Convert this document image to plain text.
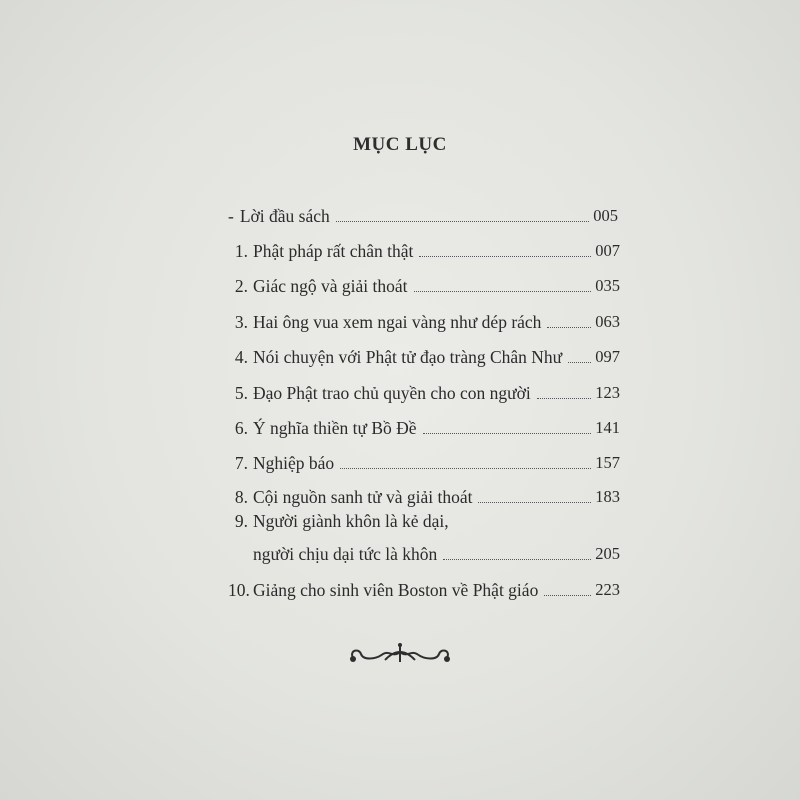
MỤC LỤC
- Lời đầu sách	005
1. Phật pháp rất chân thật	007
2. Giác ngộ và giải thoát	035
3. Hai ông vua xem ngai vàng như dép rách	063
4. Nói chuyện với Phật tử đạo tràng Chân Như 097
5. Đạo Phật trao chủ quyền cho con người	123
6. Ý nghĩa thiền tự Bồ Đề	141
7. Nghiệp báo	157
8. Cội nguồn sanh tử và giải thoát	183
9. Người giành khôn là kẻ dại,
người chịu dại tức là khôn	205
10. Giảng cho sinh viên Boston về Phật giáo	223
